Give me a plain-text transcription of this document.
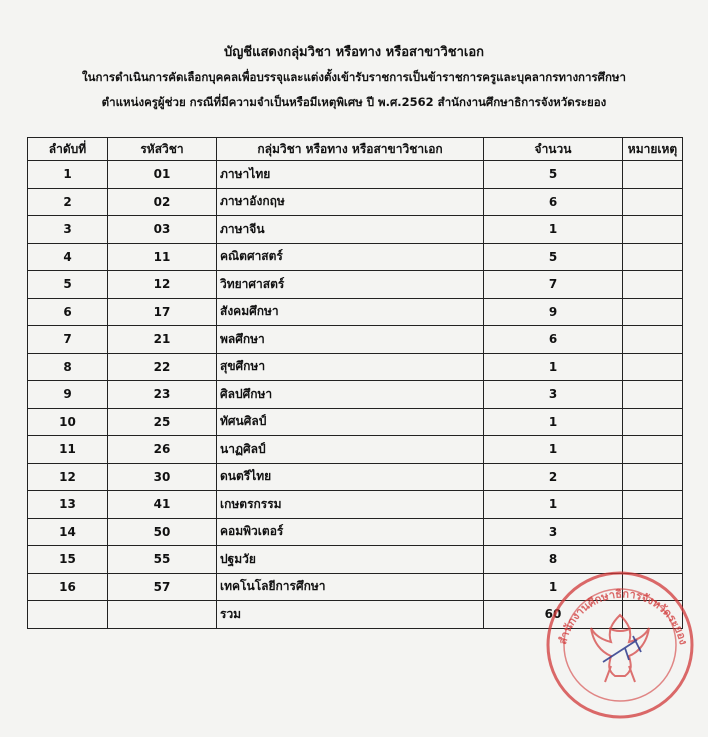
บัญชีแสดงกลุ่มวิชา หรือทาง หรือสาขาวิชาเอก
ในการดำเนินการคัดเลือกบุคคลเพื่อบรรจุและแต่งตั้งเข้ารับราชการเป็นข้าราชการครูและบุคลากรทางการศึกษา
ตำแหน่งครูผู้ช่วย กรณีที่มีความจำเป็นหรือมีเหตุพิเศษ ปี พ.ศ.2562 สำนักงานศึกษาธิการจังหวัดระยอง
ลำดับที่	รหัสวิชา	กลุ่มวิชา หรือทาง หรือสาขาวิชาเอก	จำนวน	หมายเหตุ
1	01	ภาษาไทย	5	
2	02	ภาษาอังกฤษ	6	
3	03	ภาษาจีน	1	
4	11	คณิตศาสตร์	5	
5	12	วิทยาศาสตร์	7	
6	17	สังคมศึกษา	9	
7	21	พลศึกษา	6	
8	22	สุขศึกษา	1	
9	23	ศิลปศึกษา	3	
10	25	ทัศนศิลป์	1	
11	26	นาฏศิลป์	1	
12	30	ดนตรีไทย	2	
13	41	เกษตรกรรม	1	
14	50	คอมพิวเตอร์	3	
15	55	ปฐมวัย	8	
16	57	เทคโนโลยีการศึกษา	1	
		รวม	60	
สำนักงานศึกษาธิการจังหวัดระยอง
